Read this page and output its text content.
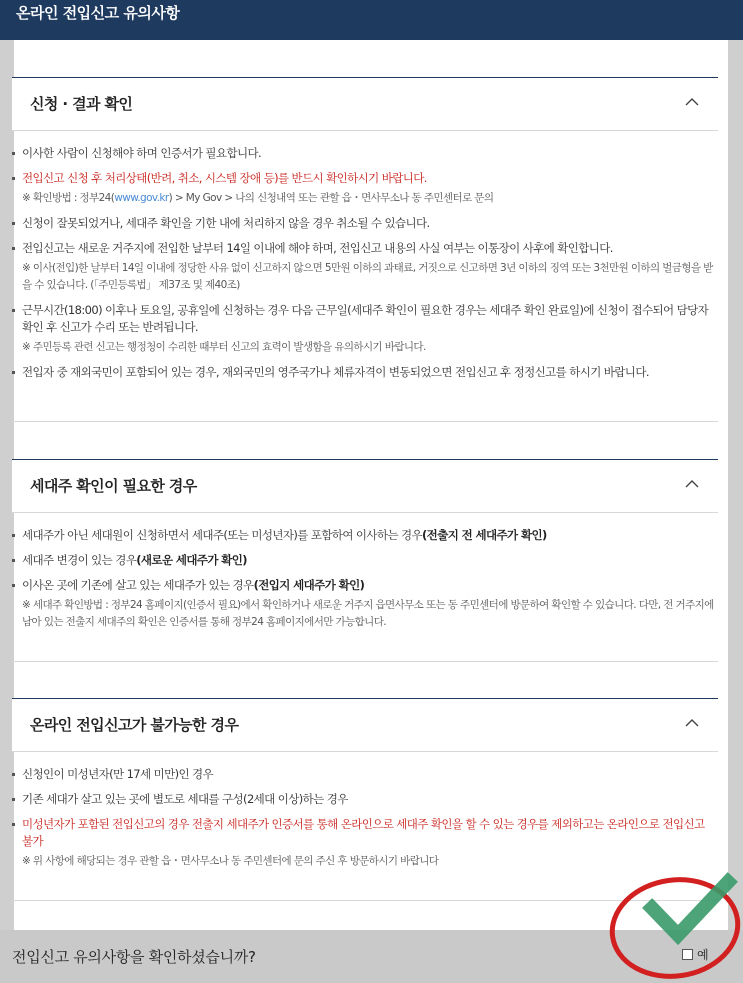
온라인 전입신고 유의사항
신청 · 결과 확인
이사한 사람이 신청해야 하며 인증서가 필요합니다.
전입신고 신청 후 처리상태(반려, 취소, 시스템 장애 등)를 반드시 확인하시기 바랍니다.
※ 확인방법 : 정부24(www.gov.kr) > My Gov > 나의 신청내역 또는 관할 읍・면사무소나 동 주민센터로 문의
신청이 잘못되었거나, 세대주 확인을 기한 내에 처리하지 않을 경우 취소될 수 있습니다.
전입신고는 새로운 거주지에 전입한 날부터 14일 이내에 해야 하며, 전입신고 내용의 사실 여부는 이통장이 사후에 확인합니다.
※ 이사(전입)한 날부터 14일 이내에 정당한 사유 없이 신고하지 않으면 5만원 이하의 과태료, 거짓으로 신고하면 3년 이하의 징역 또는 3천만원 이하의 벌금형을 받을 수 있습니다. (「주민등록법」 제37조 및 제40조)
근무시간(18:00) 이후나 토요일, 공휴일에 신청하는 경우 다음 근무일(세대주 확인이 필요한 경우는 세대주 확인 완료일)에 신청이 접수되어 담당자 확인 후 신고가 수리 또는 반려됩니다.
※ 주민등록 관련 신고는 행정청이 수리한 때부터 신고의 효력이 발생함을 유의하시기 바랍니다.
전입자 중 재외국민이 포함되어 있는 경우, 재외국민의 영주국가나 체류자격이 변동되었으면 전입신고 후 정정신고를 하시기 바랍니다.
세대주 확인이 필요한 경우
세대주가 아닌 세대원이 신청하면서 세대주(또는 미성년자)를 포함하여 이사하는 경우(전출지 전 세대주가 확인)
세대주 변경이 있는 경우(새로운 세대주가 확인)
이사온 곳에 기존에 살고 있는 세대주가 있는 경우(전입지 세대주가 확인)
※ 세대주 확인방법 : 정부24 홈페이지(인증서 필요)에서 확인하거나 새로운 거주지 읍면사무소 또는 동 주민센터에 방문하여 확인할 수 있습니다. 다만, 전 거주지에 남아 있는 전출지 세대주의 확인은 인증서를 통해 정부24 홈페이지에서만 가능합니다.
온라인 전입신고가 불가능한 경우
신청인이 미성년자(만 17세 미만)인 경우
기존 세대가 살고 있는 곳에 별도로 세대를 구성(2세대 이상)하는 경우
미성년자가 포함된 전입신고의 경우 전출지 세대주가 인증서를 통해 온라인으로 세대주 확인을 할 수 있는 경우를 제외하고는 온라인으로 전입신고 불가
※ 위 사항에 해당되는 경우 관할 읍・면사무소나 동 주민센터에 문의 주신 후 방문하시기 바랍니다
전입신고 유의사항을 확인하셨습니까?	예
